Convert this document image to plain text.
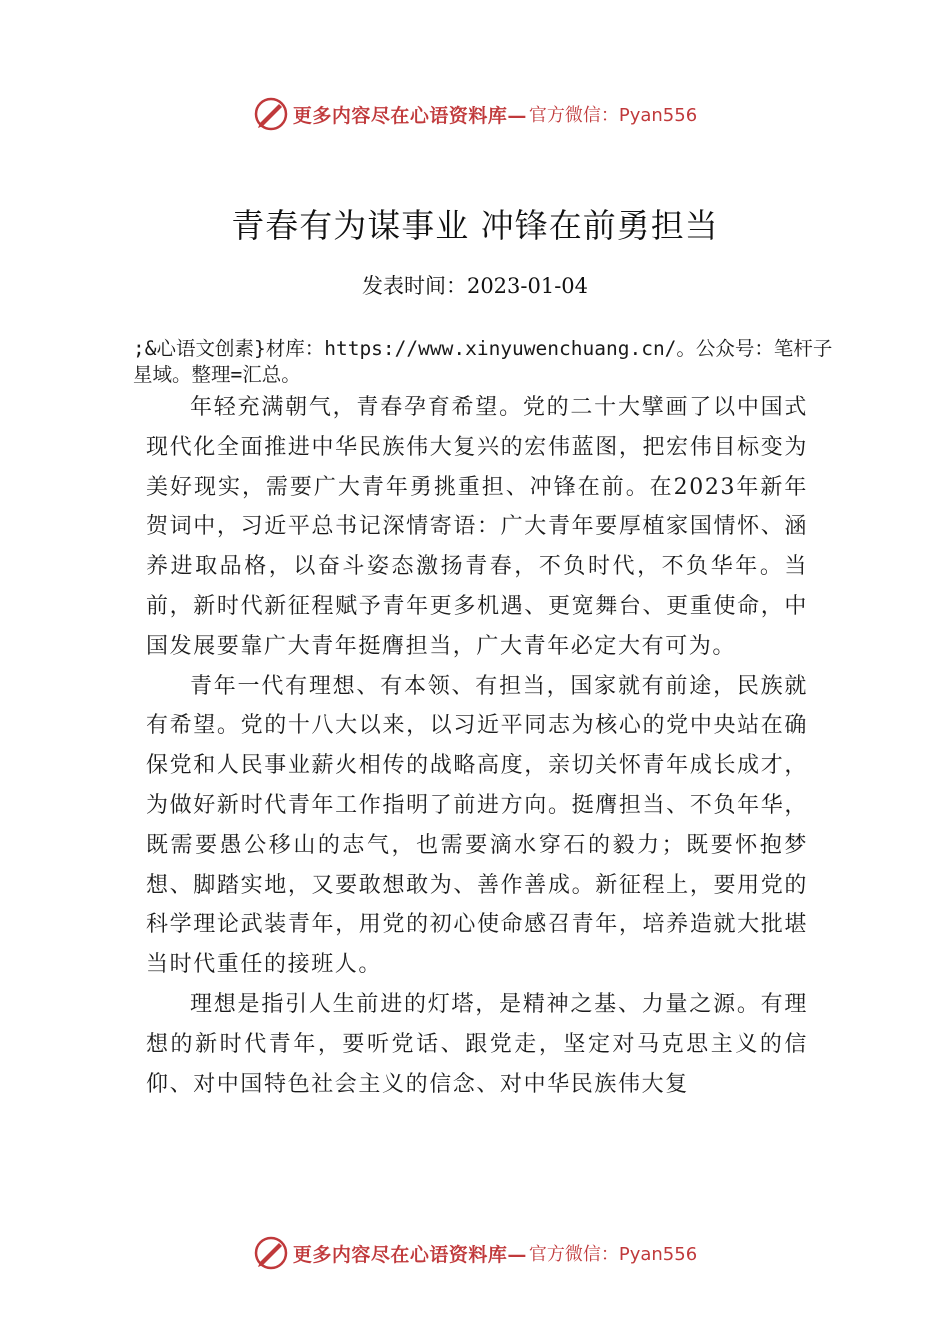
更多内容尽在心语资料库— 官方微信：Pyan556
青春有为谋事业 冲锋在前勇担当
发表时间：2023-01-04
;&心语文创素}材库：https://www.xinyuwenchuang.cn/。公众号：笔杆子星域。整理=汇总。

年轻充满朝气，青春孕育希望。党的二十大擘画了以中国式现代化全面推进中华民族伟大复兴的宏伟蓝图，把宏伟目标变为美好现实，需要广大青年勇挑重担、冲锋在前。在2023年新年贺词中，习近平总书记深情寄语：广大青年要厚植家国情怀、涵养进取品格，以奋斗姿态激扬青春，不负时代，不负华年。当前，新时代新征程赋予青年更多机遇、更宽舞台、更重使命，中国发展要靠广大青年挺膺担当，广大青年必定大有可为。

青年一代有理想、有本领、有担当，国家就有前途，民族就有希望。党的十八大以来，以习近平同志为核心的党中央站在确保党和人民事业薪火相传的战略高度，亲切关怀青年成长成才，为做好新时代青年工作指明了前进方向。挺膺担当、不负年华，既需要愚公移山的志气，也需要滴水穿石的毅力；既要怀抱梦想、脚踏实地，又要敢想敢为、善作善成。新征程上，要用党的科学理论武装青年，用党的初心使命感召青年，培养造就大批堪当时代重任的接班人。

理想是指引人生前进的灯塔，是精神之基、力量之源。有理想的新时代青年，要听党话、跟党走，坚定对马克思主义的信仰、对中国特色社会主义的信念、对中华民族伟大复

更多内容尽在心语资料库— 官方微信：Pyan556
